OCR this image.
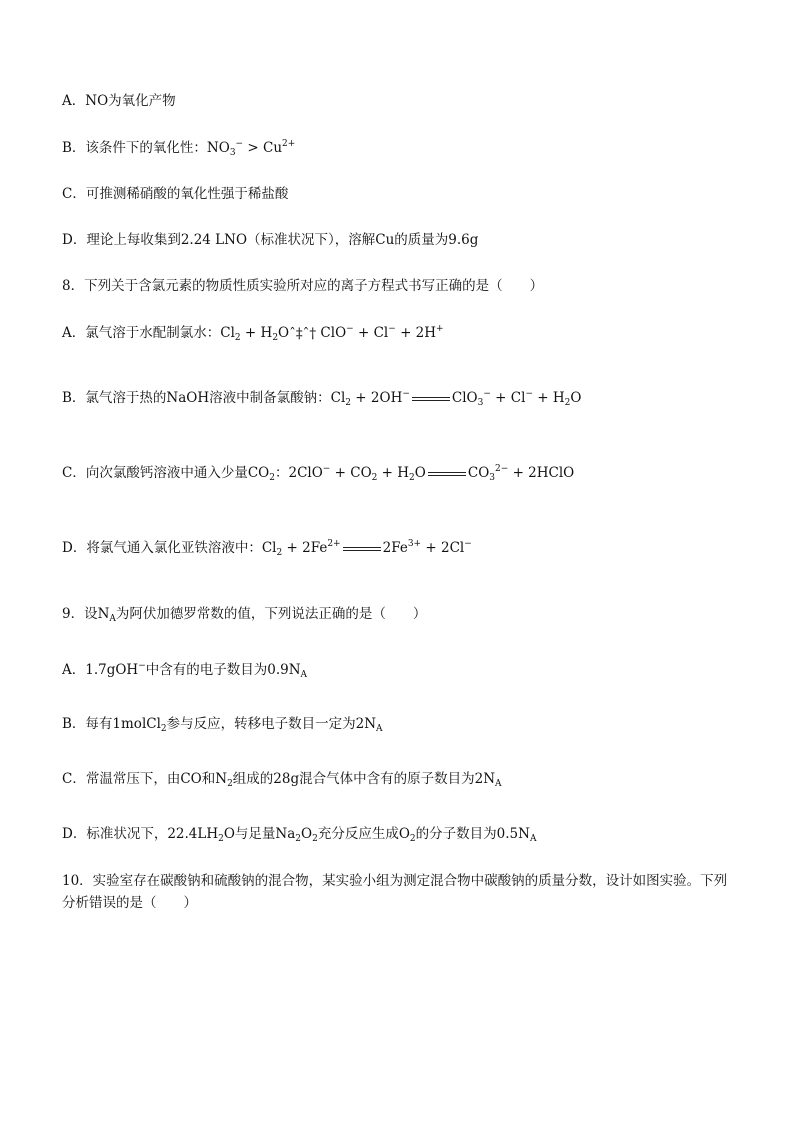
A．NO为氧化产物
B．该条件下的氧化性：$NO_3^- > Cu^{2+}$
C．可推测稀硝酸的氧化性强于稀盐酸
D．理论上每收集到2.24 LNO（标准状况下），溶解Cu的质量为9.6g
8．下列关于含氯元素的物质性质实验所对应的离子方程式书写正确的是（　　）
A．氯气溶于水配制氯水：$Cl_2$ + $H_2Oˆ\ddagger ˆ\dagger$ ClO− + Cl− + 2H+
B．氯气溶于热的NaOH溶液中制备氯酸钠：$Cl_2 + 2OH^-$	$ClO_3^- + Cl^- + H_2O$
C．向次氯酸钙溶液中通入少量$CO_2$：$2ClO^- + CO_2 + H_2O$	$CO_3^{2-}$ + 2HClO
D．将氯气通入氯化亚铁溶液中：$Cl_2 + 2Fe^{2+}$	$2Fe^{3+} + 2Cl^-$
9．设$N_A$为阿伏加德罗常数的值，下列说法正确的是（　　）
A．1.7gOH−中含有的电子数目为$0.9N_A$
B．每有1molCl$_2$参与反应，转移电子数目一定为$2N_A$
C．常温常压下，由CO和$N_2$组成的28g混合气体中含有的原子数目为$2N_A$
D．标准状况下，$22.4LH_2O$与足量$Na_2O_2$充分反应生成$O_2$的分子数目为$0.5N_A$
10．实验室存在碳酸钠和硫酸钠的混合物，某实验小组为测定混合物中碳酸钠的质量分数，设计如图实验。下列分析错误的是（　　）
